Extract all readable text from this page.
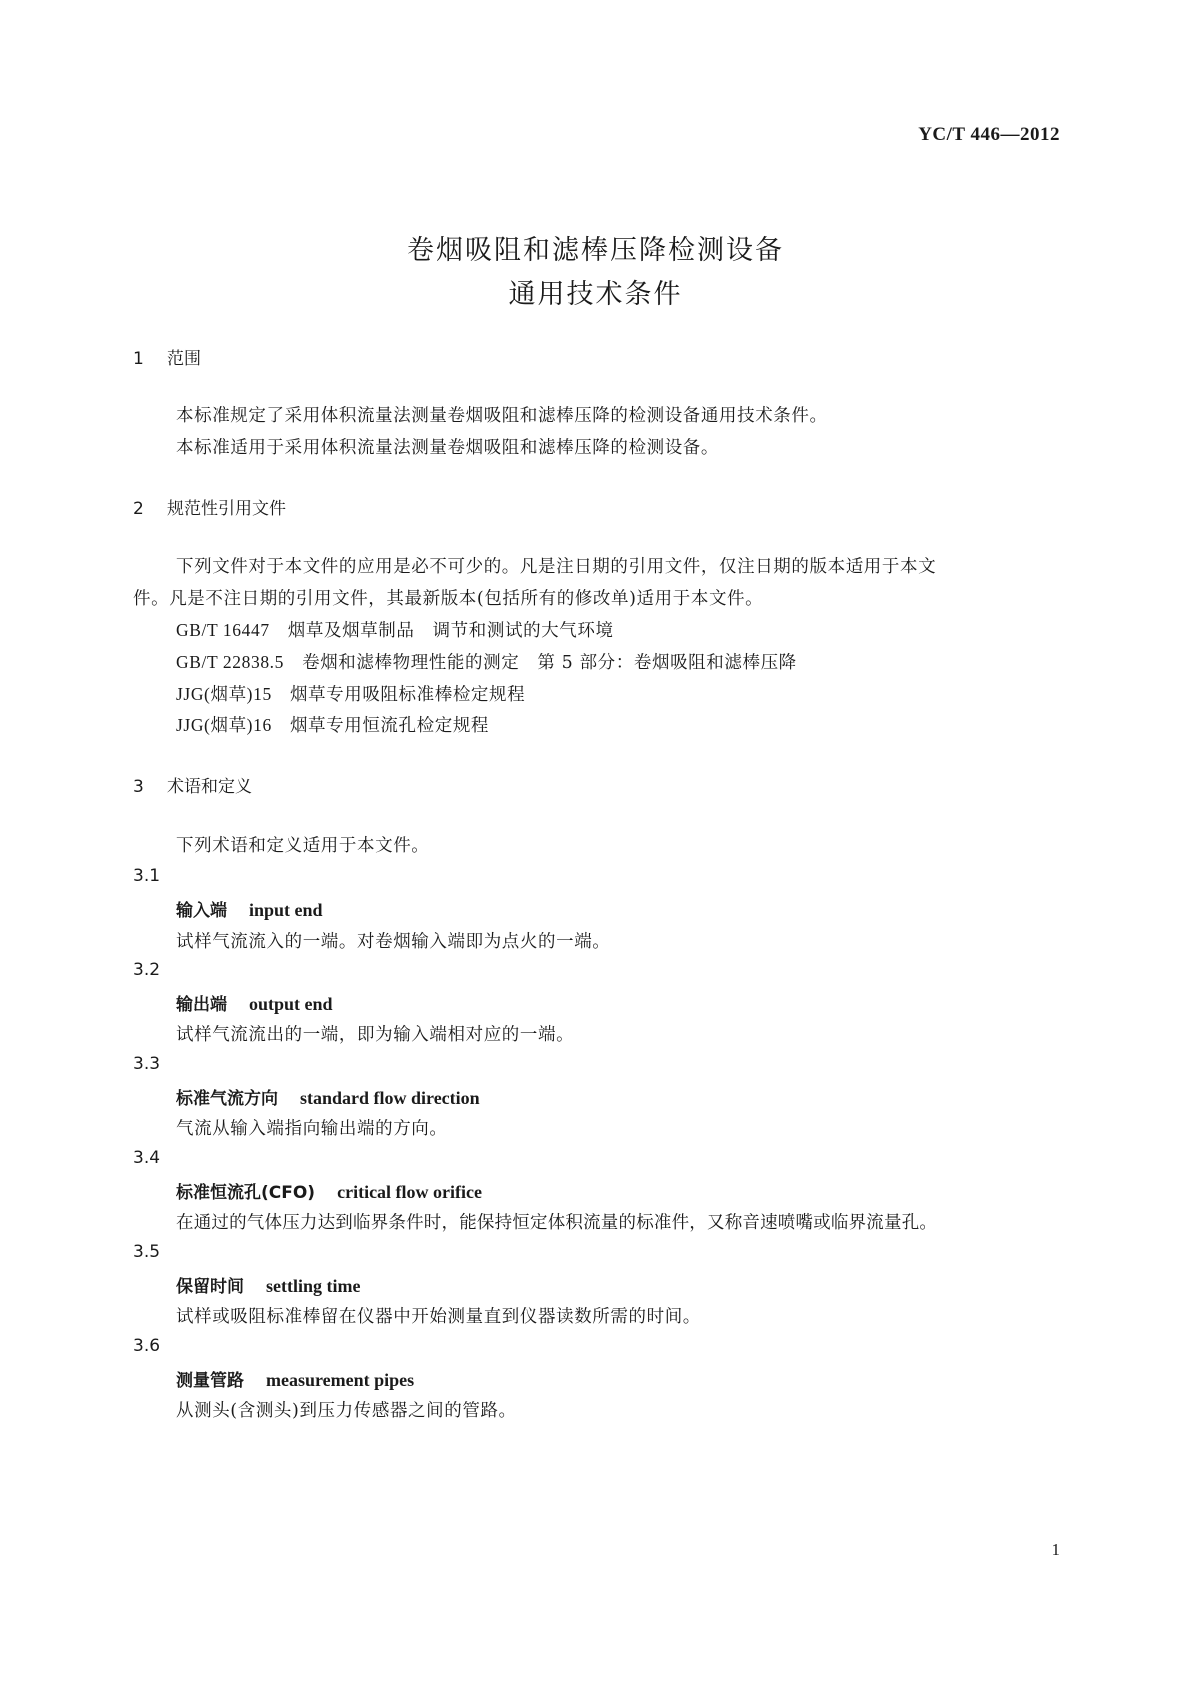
YC/T 446—2012
卷烟吸阻和滤棒压降检测设备
通用技术条件
1 范围
本标准规定了采用体积流量法测量卷烟吸阻和滤棒压降的检测设备通用技术条件。
本标准适用于采用体积流量法测量卷烟吸阻和滤棒压降的检测设备。
2 规范性引用文件
下列文件对于本文件的应用是必不可少的。凡是注日期的引用文件，仅注日期的版本适用于本文
件。凡是不注日期的引用文件，其最新版本(包括所有的修改单)适用于本文件。
GB/T 16447　 烟草及烟草制品　调节和测试的大气环境
GB/T 22838.5　 卷烟和滤棒物理性能的测定　第 5 部分：卷烟吸阻和滤棒压降
JJG(烟草)15　 烟草专用吸阻标准棒检定规程
JJG(烟草)16　 烟草专用恒流孔检定规程
3 术语和定义
下列术语和定义适用于本文件。
3.1
输入端 input end
试样气流流入的一端。对卷烟输入端即为点火的一端。
3.2
输出端 output end
试样气流流出的一端，即为输入端相对应的一端。
3.3
标准气流方向 standard flow direction
气流从输入端指向输出端的方向。
3.4
标准恒流孔(CFO) critical flow orifice
在通过的气体压力达到临界条件时，能保持恒定体积流量的标准件，又称音速喷嘴或临界流量孔。
3.5
保留时间 settling time
试样或吸阻标准棒留在仪器中开始测量直到仪器读数所需的时间。
3.6
测量管路 measurement pipes
从测头(含测头)到压力传感器之间的管路。
1
